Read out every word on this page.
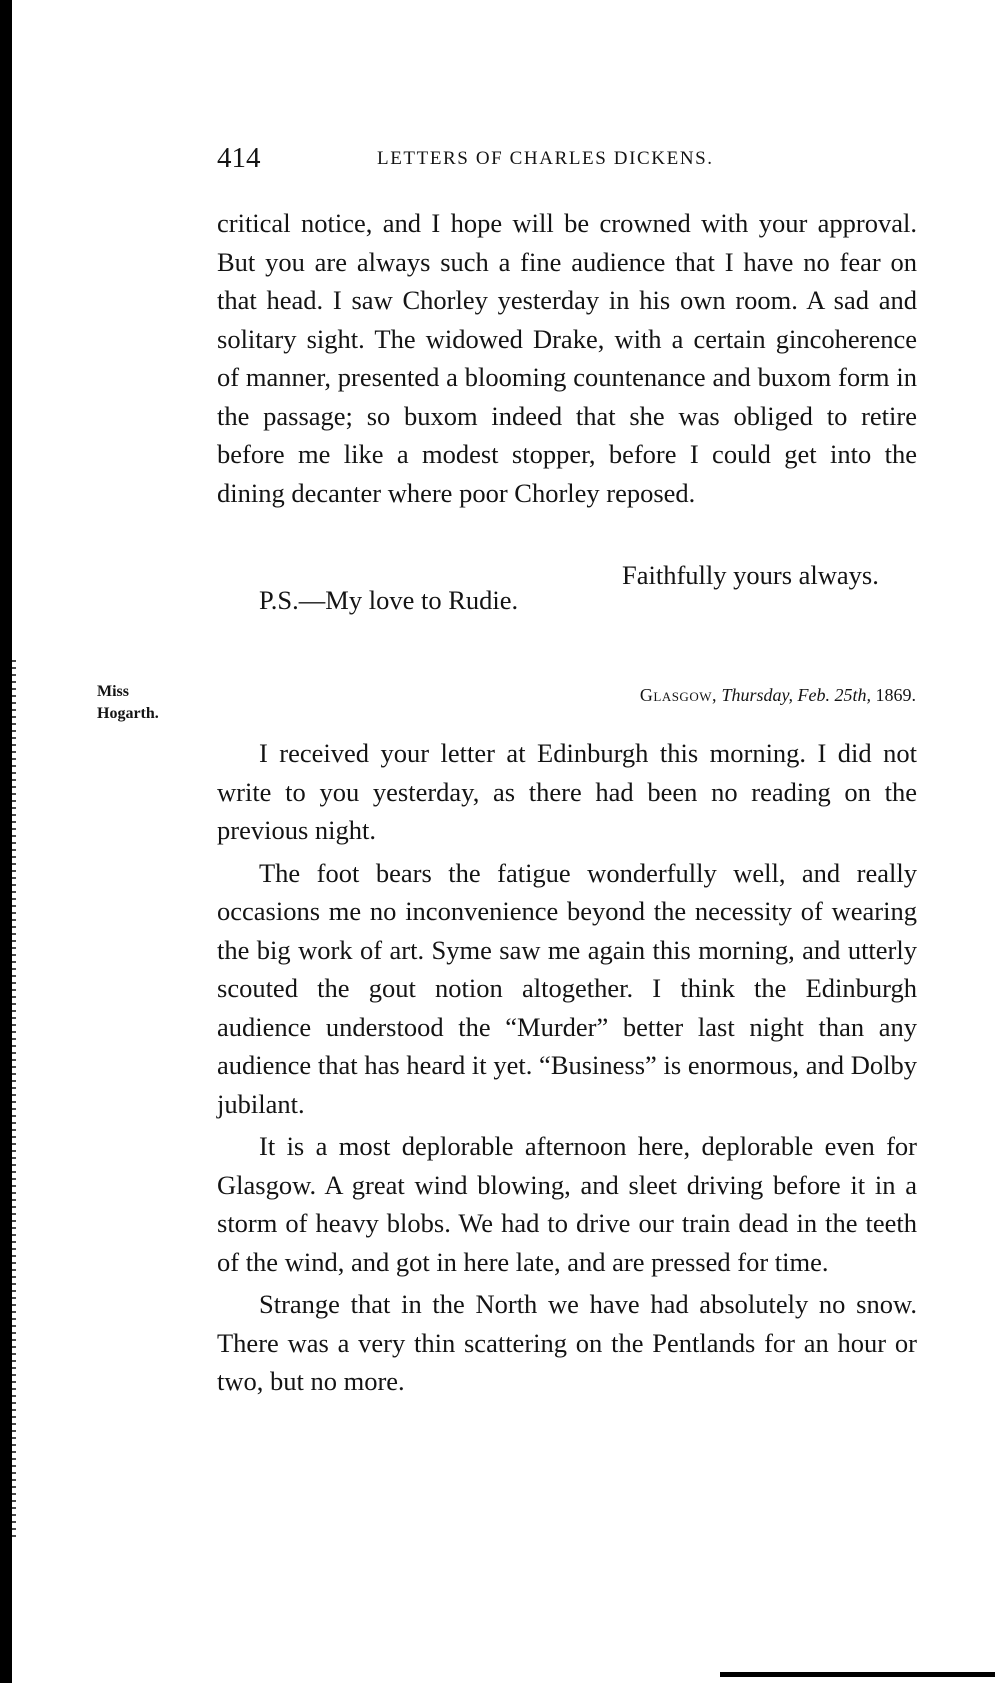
414	LETTERS OF CHARLES DICKENS.

critical notice, and I hope will be crowned with your approval. But you are always such a fine audience that I have no fear on that head. I saw Chorley yesterday in his own room. A sad and solitary sight. The widowed Drake, with a certain gincoherence of manner, presented a blooming countenance and buxom form in the passage; so buxom indeed that she was obliged to retire before me like a modest stopper, before I could get into the dining decanter where poor Chorley reposed.

Faithfully yours always.
P.S.—My love to Rudie.
Miss
Hogarth.
Glasgow, Thursday, Feb. 25th, 1869.

I received your letter at Edinburgh this morning. I did not write to you yesterday, as there had been no reading on the previous night.

The foot bears the fatigue wonderfully well, and really occasions me no inconvenience beyond the necessity of wearing the big work of art. Syme saw me again this morning, and utterly scouted the gout notion altogether. I think the Edinburgh audience understood the “Murder” better last night than any audience that has heard it yet. “Business” is enormous, and Dolby jubilant.

It is a most deplorable afternoon here, deplorable even for Glasgow. A great wind blowing, and sleet driving before it in a storm of heavy blobs. We had to drive our train dead in the teeth of the wind, and got in here late, and are pressed for time.

Strange that in the North we have had absolutely no snow. There was a very thin scattering on the Pentlands for an hour or two, but no more.
